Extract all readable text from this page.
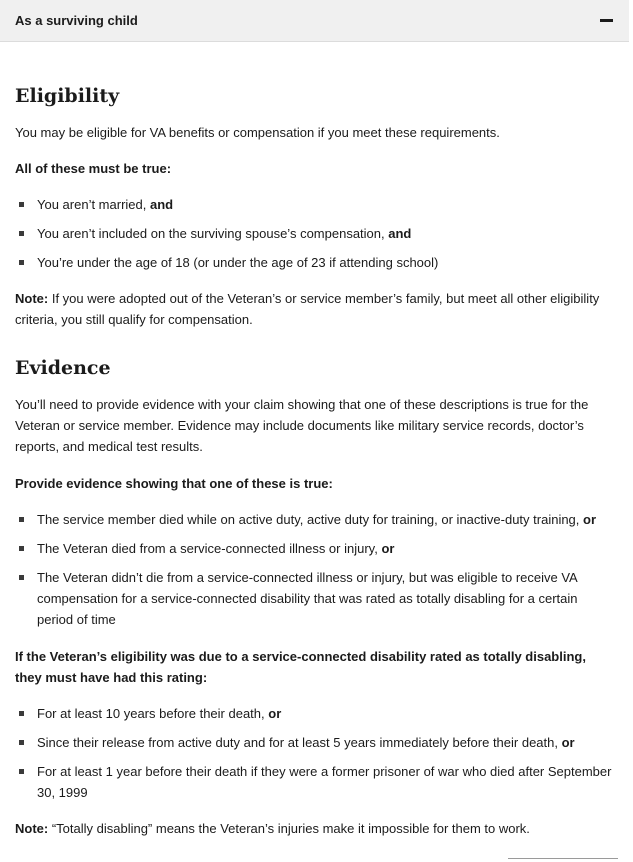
As a surviving child
Eligibility

You may be eligible for VA benefits or compensation if you meet these requirements.

All of these must be true:

You aren’t married, and
You aren’t included on the surviving spouse’s compensation, and
You’re under the age of 18 (or under the age of 23 if attending school)

Note: If you were adopted out of the Veteran’s or service member’s family, but meet all other eligibility criteria, you still qualify for compensation.

Evidence

You’ll need to provide evidence with your claim showing that one of these descriptions is true for the Veteran or service member. Evidence may include documents like military service records, doctor’s reports, and medical test results.

Provide evidence showing that one of these is true:

The service member died while on active duty, active duty for training, or inactive-duty training, or
The Veteran died from a service-connected illness or injury, or
The Veteran didn’t die from a service-connected illness or injury, but was eligible to receive VA compensation for a service-connected disability that was rated as totally disabling for a certain period of time

If the Veteran’s eligibility was due to a service-connected disability rated as totally disabling, they must have had this rating:

For at least 10 years before their death, or
Since their release from active duty and for at least 5 years immediately before their death, or
For at least 1 year before their death if they were a former prisoner of war who died after September 30, 1999

Note: “Totally disabling” means the Veteran’s injuries make it impossible for them to work.
